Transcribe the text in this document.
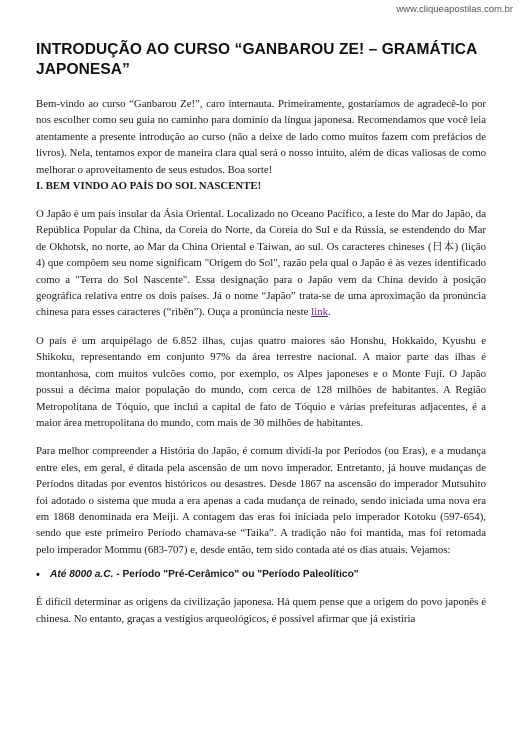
www.cliqueapostilas.com.br
INTRODUÇÃO AO CURSO “GANBAROU ZE! – GRAMÁTICA JAPONESA”

Bem-vindo ao curso “Ganbarou Ze!”, caro internauta. Primeiramente, gostaríamos de agradecê-lo por nos escolher como seu guia no caminho para domínio da língua japonesa. Recomendamos que você leia atentamente a presente introdução ao curso (não a deixe de lado como muitos fazem com prefácios de livros). Nela, tentamos expor de maneira clara qual será o nosso intuito, além de dicas valiosas de como melhorar o aproveitamento de seus estudos. Boa sorte!

I. BEM VINDO AO PAÍS DO SOL NASCENTE!

O Japão é um país insular da Ásia Oriental. Localizado no Oceano Pacífico, a leste do Mar do Japão, da República Popular da China, da Coreia do Norte, da Coreia do Sul e da Rússia, se estendendo do Mar de Okhotsk, no norte, ao Mar da China Oriental e Taiwan, ao sul. Os caracteres chineses (日本) (lição 4) que compõem seu nome significam "Origem do Sol", razão pela qual o Japão é às vezes identificado como a "Terra do Sol Nascente". Essa designação para o Japão vem da China devido à posição geográfica relativa entre os dois países. Já o nome “Japão” trata-se de uma aproximação da pronúncia chinesa para esses caracteres (“rìběn”). Ouça a pronúncia neste link.

O país é um arquipélago de 6.852 ilhas, cujas quatro maiores são Honshu, Hokkaido, Kyushu e Shikoku, representando em conjunto 97% da área terrestre nacional. A maior parte das ilhas é montanhosa, com muitos vulcões como, por exemplo, os Alpes japoneses e o Monte Fuji. O Japão possui a décima maior população do mundo, com cerca de 128 milhões de habitantes. A Região Metropolitana de Tóquio, que inclui a capital de fato de Tóquio e várias prefeituras adjacentes, é a maior área metropolitana do mundo, com mais de 30 milhões de habitantes.

Para melhor compreender a História do Japão, é comum dividi-la por Períodos (ou Eras), e a mudança entre eles, em geral, é ditada pela ascensão de um novo imperador. Entretanto, já houve mudanças de Períodos ditadas por eventos históricos ou desastres. Desde 1867 na ascensão do imperador Mutsuhito foi adotado o sistema que muda a era apenas a cada mudança de reinado, sendo iniciada uma nova era em 1868 denominada era Meiji. A contagem das eras foi iniciada pelo imperador Kotoku (597-654), sendo que este primeiro Período chamava-se “Taika”. A tradição não foi mantida, mas foi retomada pelo imperador Mommu (683-707) e, desde então, tem sido contada até os dias atuais. Vejamos:

• Até 8000 a.C. - Período "Pré-Cerâmico" ou "Período Paleolítico"

É difícil determinar as origens da civilização japonesa. Há quem pense que a origem do povo japonês é chinesa. No entanto, graças a vestígios arqueológicos, é possível afirmar que já existiria
